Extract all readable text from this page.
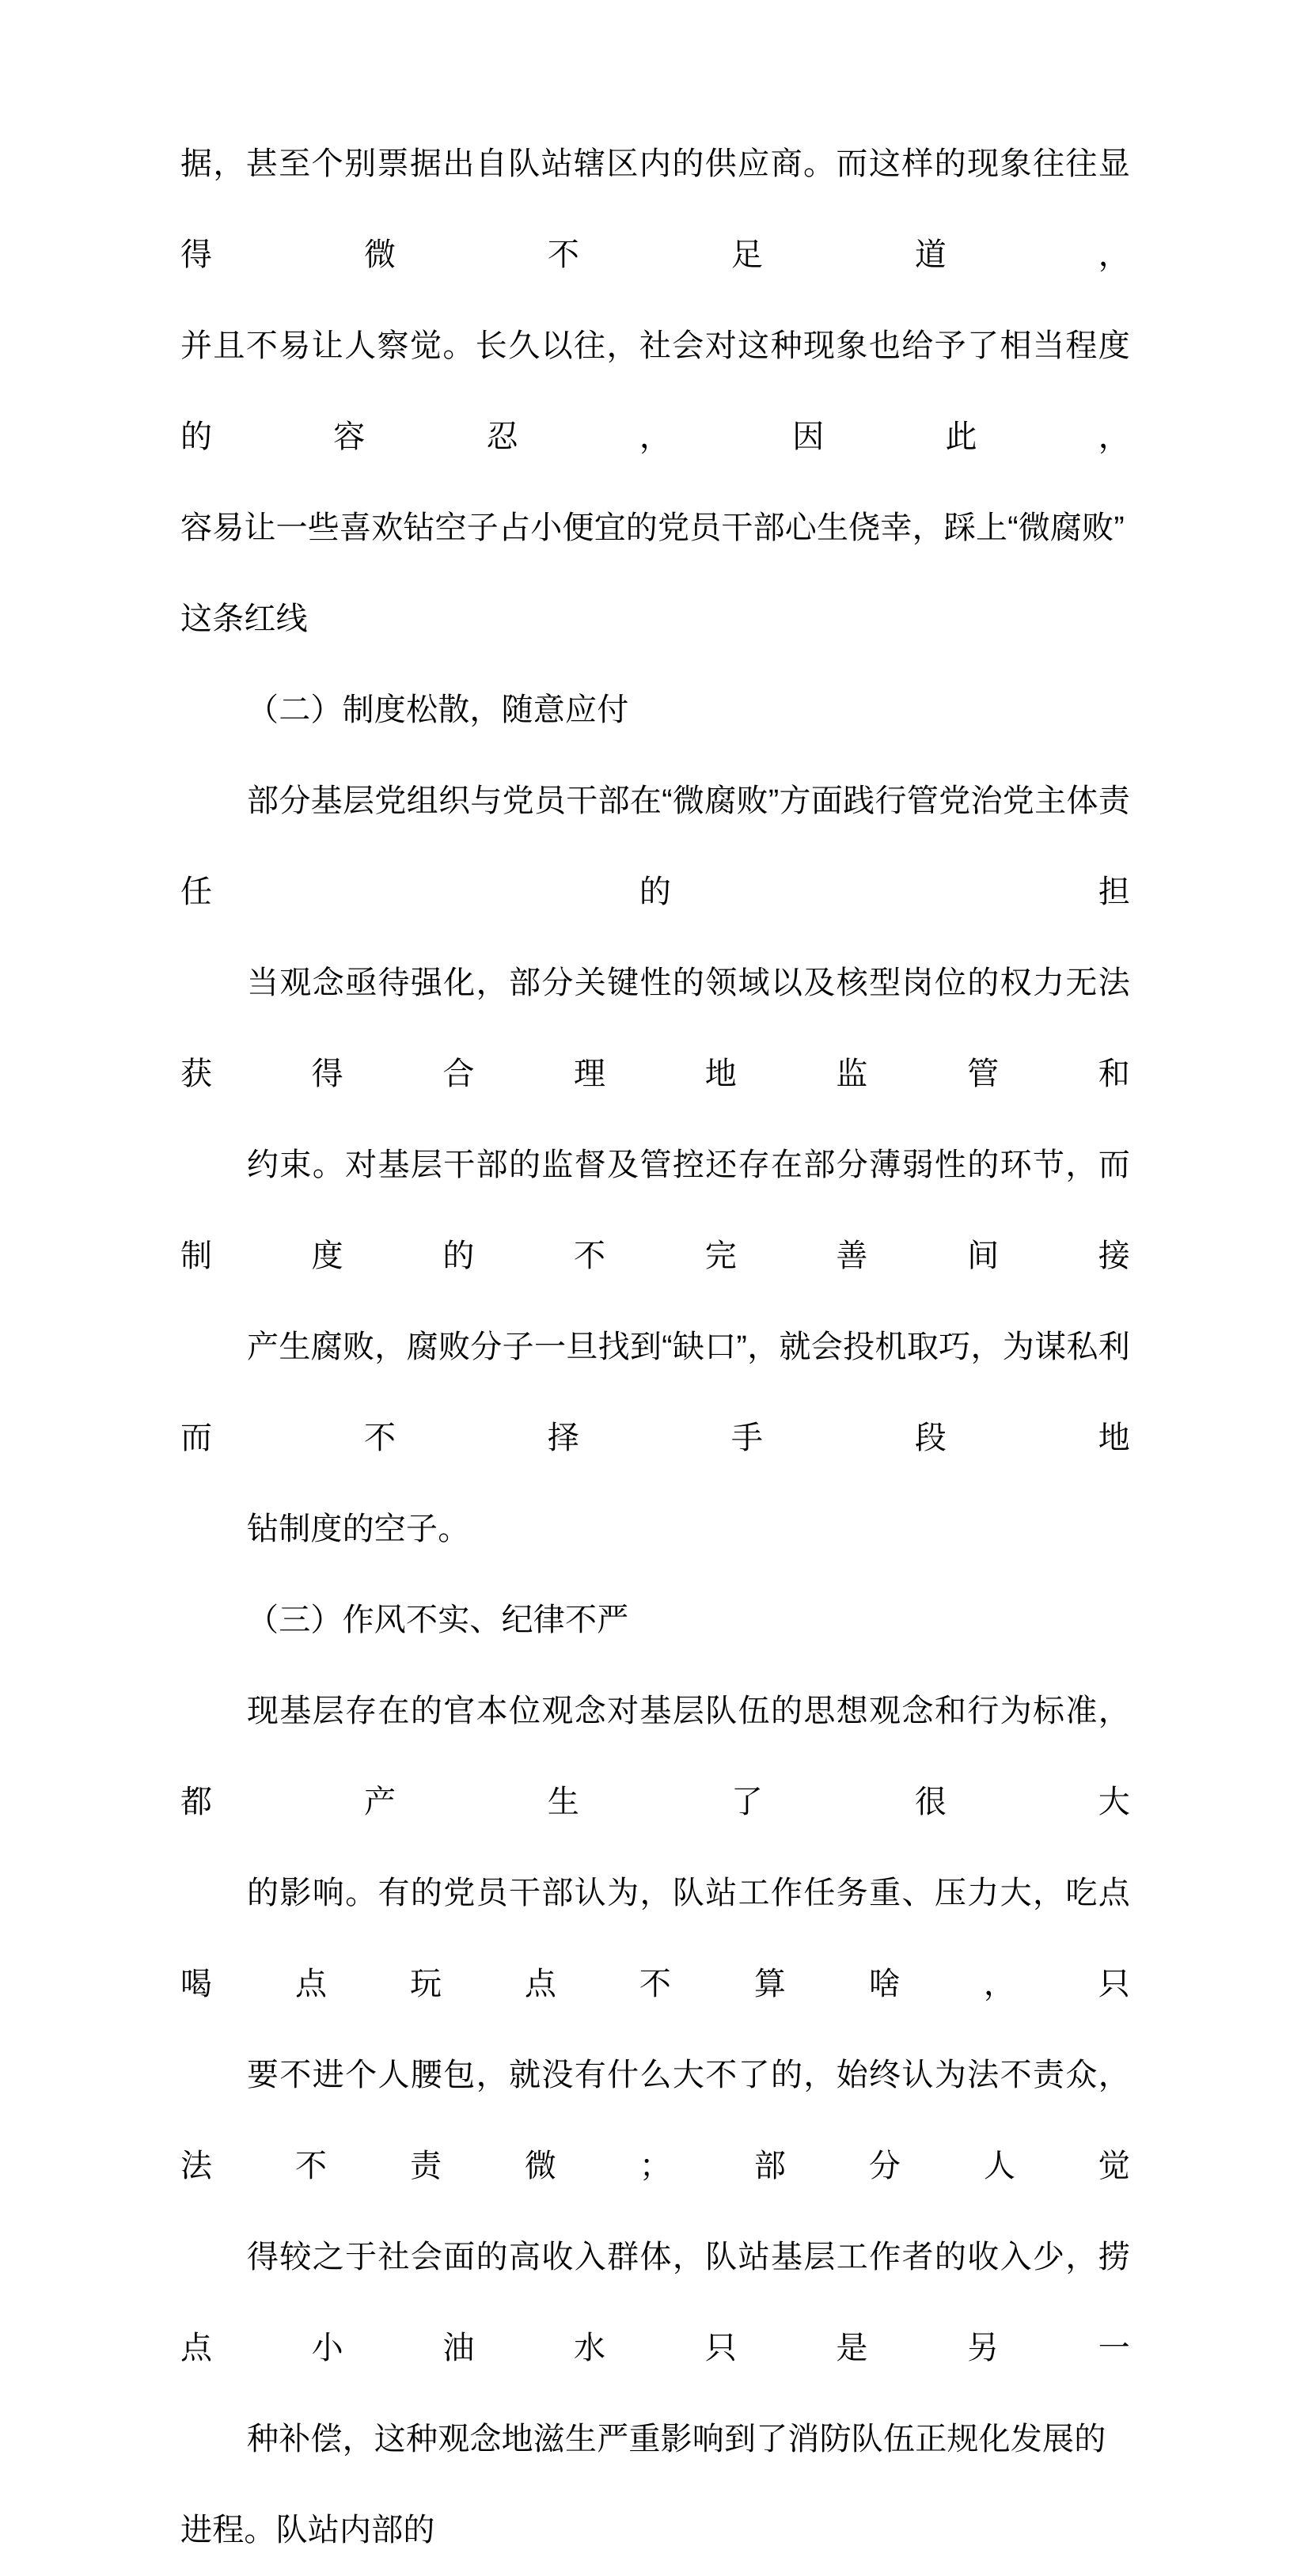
据，甚至个别票据出自队站辖区内的供应商。而这样的现象往往显得微不足道，
并且不易让人察觉。长久以往，社会对这种现象也给予了相当程度的容忍，因此，
容易让一些喜欢钻空子占小便宜的党员干部心生侥幸，踩上“微腐败”这条红线

（二）制度松散，随意应付

部分基层党组织与党员干部在“微腐败”方面践行管党治党主体责任的担
当观念亟待强化，部分关键性的领域以及核型岗位的权力无法获得合理地监管和
约束。对基层干部的监督及管控还存在部分薄弱性的环节，而制度的不完善间接
产生腐败，腐败分子一旦找到“缺口”，就会投机取巧，为谋私利而不择手段地
钻制度的空子。

（三）作风不实、纪律不严

现基层存在的官本位观念对基层队伍的思想观念和行为标准，都产生了很大
的影响。有的党员干部认为，队站工作任务重、压力大，吃点喝点玩点不算啥，只
要不进个人腰包，就没有什么大不了的，始终认为法不责众，法不责微；部分人觉
得较之于社会面的高收入群体，队站基层工作者的收入少，捞点小油水只是另一
种补偿，这种观念地滋生严重影响到了消防队伍正规化发展的进程。队站内部的
